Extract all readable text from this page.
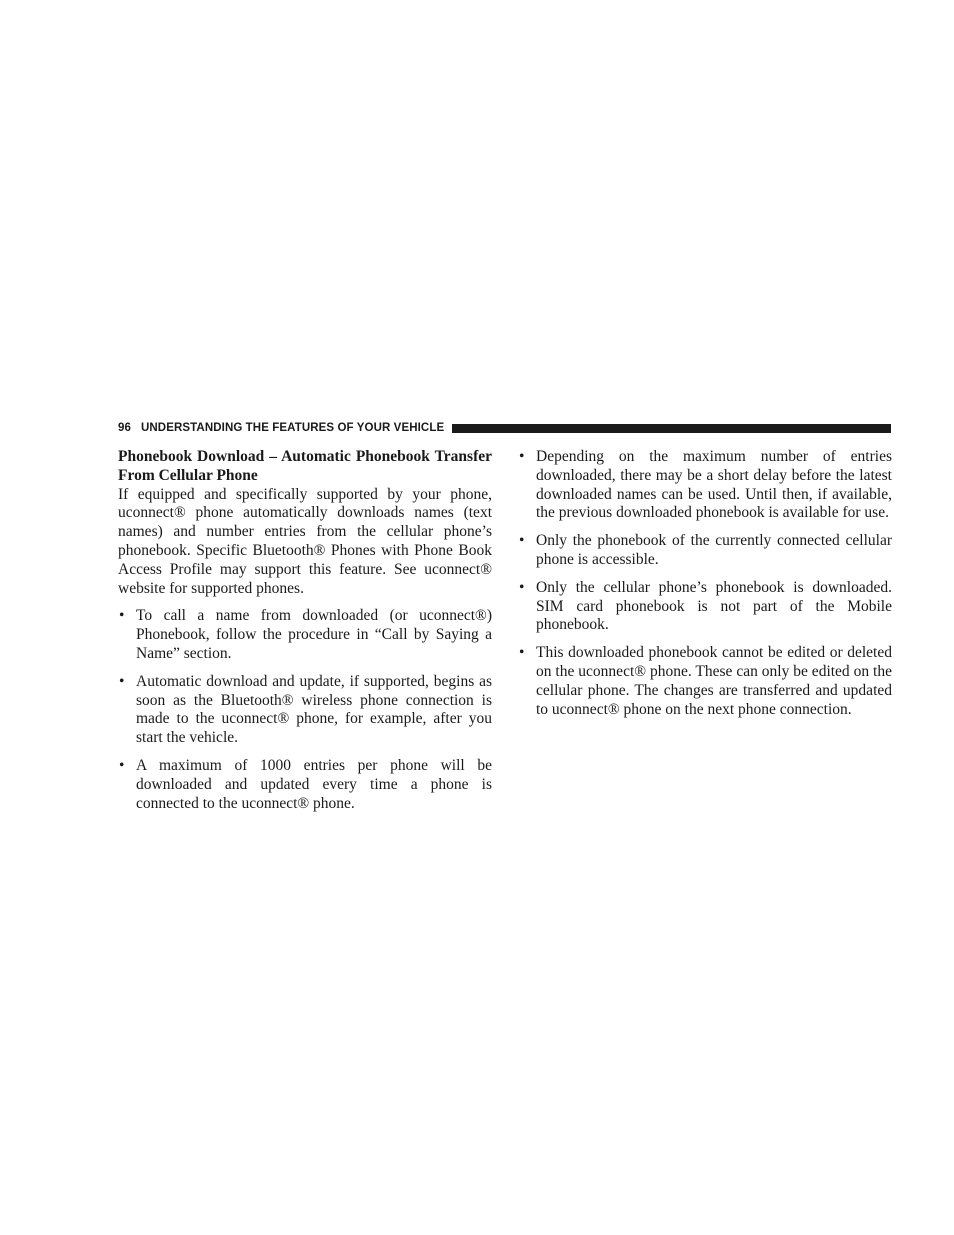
96 UNDERSTANDING THE FEATURES OF YOUR VEHICLE

Phonebook Download – Automatic Phonebook Transfer From Cellular Phone

If equipped and specifically supported by your phone, uconnect® phone automatically downloads names (text names) and number entries from the cellular phone’s phonebook. Specific Bluetooth® Phones with Phone Book Access Profile may support this feature. See uconnect® website for supported phones.

• To call a name from downloaded (or uconnect®) Phonebook, follow the procedure in “Call by Saying a Name” section.
• Automatic download and update, if supported, begins as soon as the Bluetooth® wireless phone connection is made to the uconnect® phone, for example, after you start the vehicle.
• A maximum of 1000 entries per phone will be downloaded and updated every time a phone is connected to the uconnect® phone.
• Depending on the maximum number of entries downloaded, there may be a short delay before the latest downloaded names can be used. Until then, if available, the previous downloaded phonebook is available for use.
• Only the phonebook of the currently connected cellular phone is accessible.
• Only the cellular phone’s phonebook is downloaded. SIM card phonebook is not part of the Mobile phonebook.
• This downloaded phonebook cannot be edited or deleted on the uconnect® phone. These can only be edited on the cellular phone. The changes are transferred and updated to uconnect® phone on the next phone connection.
